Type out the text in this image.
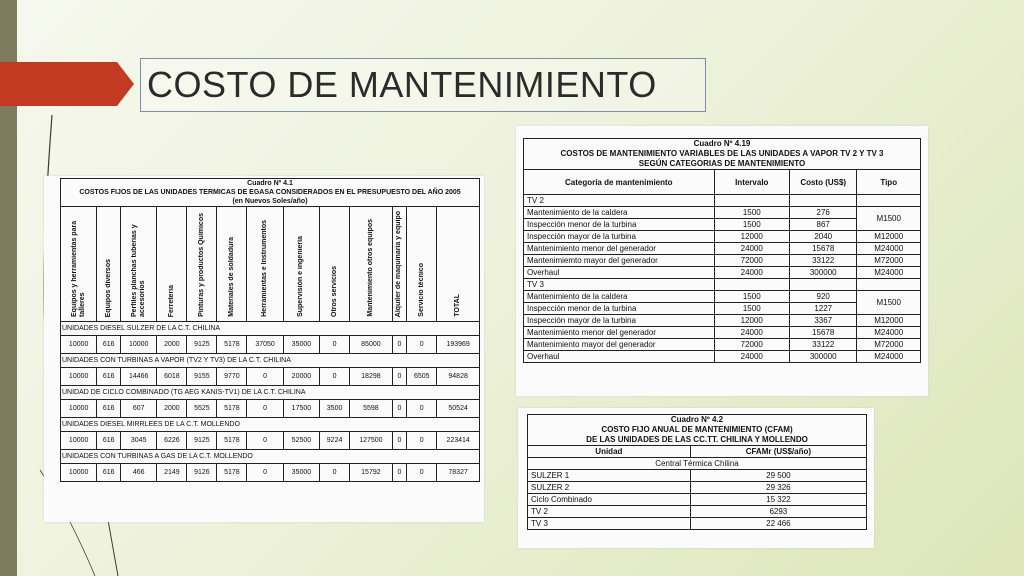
COSTO DE MANTENIMIENTO
Cuadro Nº 4.1
COSTOS FIJOS DE LAS UNIDADES TERMICAS DE EGASA CONSIDERADOS EN EL PRESUPUESTO DEL AÑO 2005
(en Nuevos Soles/año)												

Equipos y herramientas para talleres	Equipos diversos	Perfiles planchas tuberias y accesorios	Ferreteria	Pinturas y productos Químicos	Materiales de soldadura	Herramientas e Instrumentos	Supervisión e ingeniería	Otros servicios	Mantenimiento otros equipos	Alquiler de maquinaria y equipo	Servicio técnico	TOTAL
UNIDADES DIESEL SULZER DE LA C.T. CHILINA												
10000	616	10000	2000	9125	5178	37050	35000	0	85000	0	0	193969
UNIDADES CON TURBINAS A VAPOR (TV2 Y TV3) DE LA C.T. CHILINA												
10000	616	14466	6018	9155	9770	0	20000	0	18298	0	6505	94828
UNIDAD DE CICLO COMBINADO (TG AEG KANIS-TV1) DE LA C.T. CHILINA												
10000	616	607	2000	5525	5178	0	17500	3500	5598	0	0	50524
UNIDADES DIESEL MIRRLEES DE LA C.T. MOLLENDO												
10000	616	3045	6226	9125	5178	0	52500	9224	127500	0	0	223414
UNIDADES CON TURBINAS A GAS DE LA C.T. MOLLENDO												
10000	616	466	2149	9126	5178	0	35000	0	15792	0	0	78327
Cuadro Nº 4.19
COSTOS DE MANTENIMIENTO VARIABLES DE LAS UNIDADES A VAPOR TV 2 Y TV 3
SEGÚN CATEGORIAS DE MANTENIMIENTO			

Categoría de mantenimiento	Intervalo	Costo (US$)	Tipo
TV 2			
Mantenimiento de la caldera	1500	276	M1500
Inspección menor de la turbina	1500	867	
Inspección mayor de la turbina	12000	2040	M12000
Mantenimiento menor del generador	24000	15678	M24000
Mantenimiemto mayor del generador	72000	33122	M72000
Overhaul	24000	300000	M24000
TV 3			
Mantenimiento de la caldera	1500	920	M1500
Inspección menor de la turbina	1500	1227	
Inspección mayor de la turbina	12000	3367	M12000
Mantenimiento menor del generador	24000	15678	M24000
Mantenimiento mayor del generador	72000	33122	M72000
Overhaul	24000	300000	M24000
Cuadro Nº 4.2
COSTO FIJO ANUAL DE MANTENIMIENTO (CFAM)
DE LAS UNIDADES DE LAS CC.TT. CHILINA Y MOLLENDO	

Unidad	CFAMr (US$/año)
Central Térmica Chilina	
SULZER 1	29 500
SULZER 2	29 326
Ciclo Combinado	15 322
TV 2	6293
TV 3	22 466
